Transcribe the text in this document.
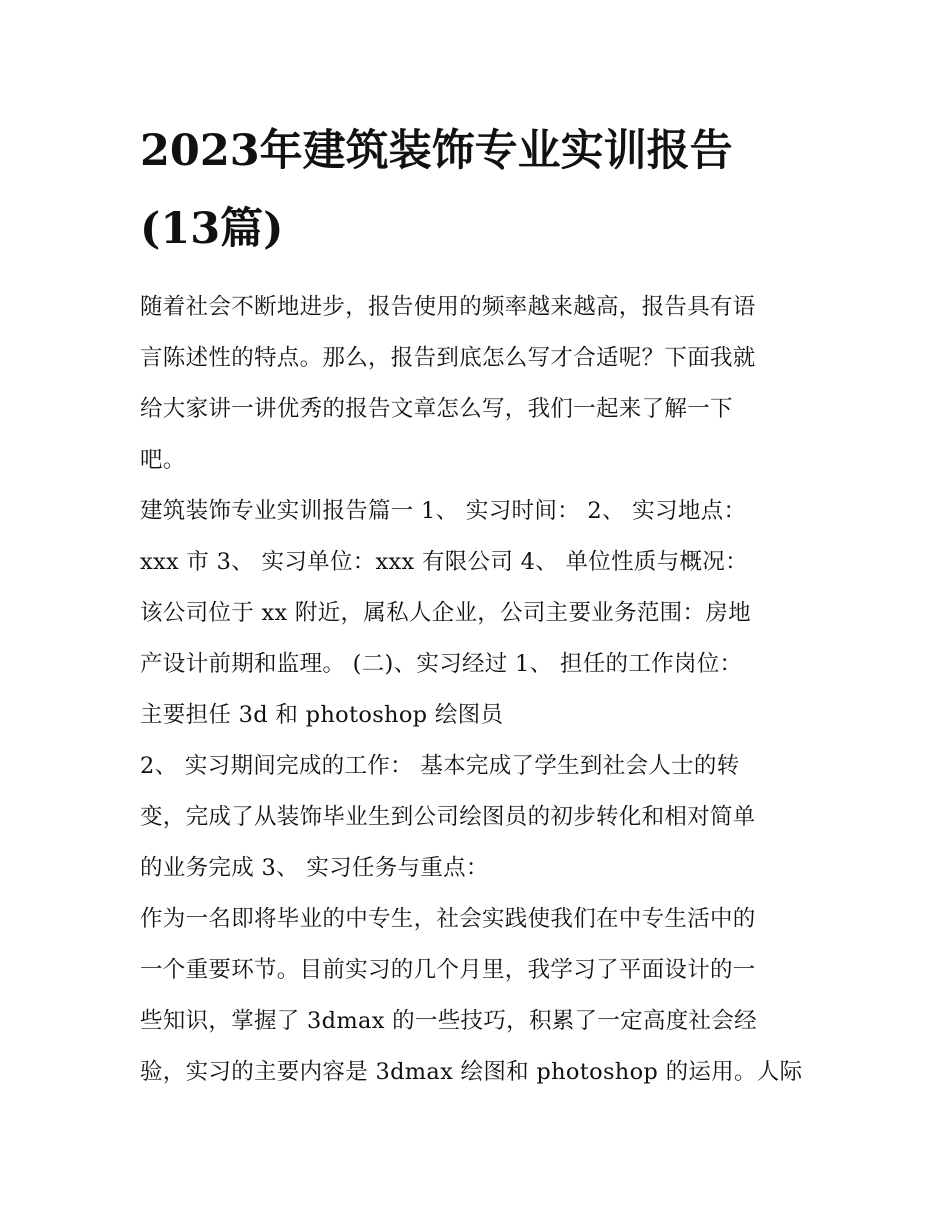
2023年建筑装饰专业实训报告
(13篇)

随着社会不断地进步，报告使用的频率越来越高，报告具有语
言陈述性的特点。那么，报告到底怎么写才合适呢？下面我就
给大家讲一讲优秀的报告文章怎么写，我们一起来了解一下
吧。

建筑装饰专业实训报告篇一 1、 实习时间： 2、 实习地点：
xxx 市 3、 实习单位：xxx 有限公司 4、 单位性质与概况：
该公司位于 xx 附近，属私人企业，公司主要业务范围：房地
产设计前期和监理。 (二)、实习经过 1、 担任的工作岗位：
主要担任 3d 和 photoshop 绘图员

2、 实习期间完成的工作： 基本完成了学生到社会人士的转
变，完成了从装饰毕业生到公司绘图员的初步转化和相对简单
的业务完成 3、 实习任务与重点：

作为一名即将毕业的中专生，社会实践使我们在中专生活中的
一个重要环节。目前实习的几个月里，我学习了平面设计的一
些知识，掌握了 3dmax 的一些技巧，积累了一定高度社会经
验，实习的主要内容是 3dmax 绘图和 photoshop 的运用。人际
